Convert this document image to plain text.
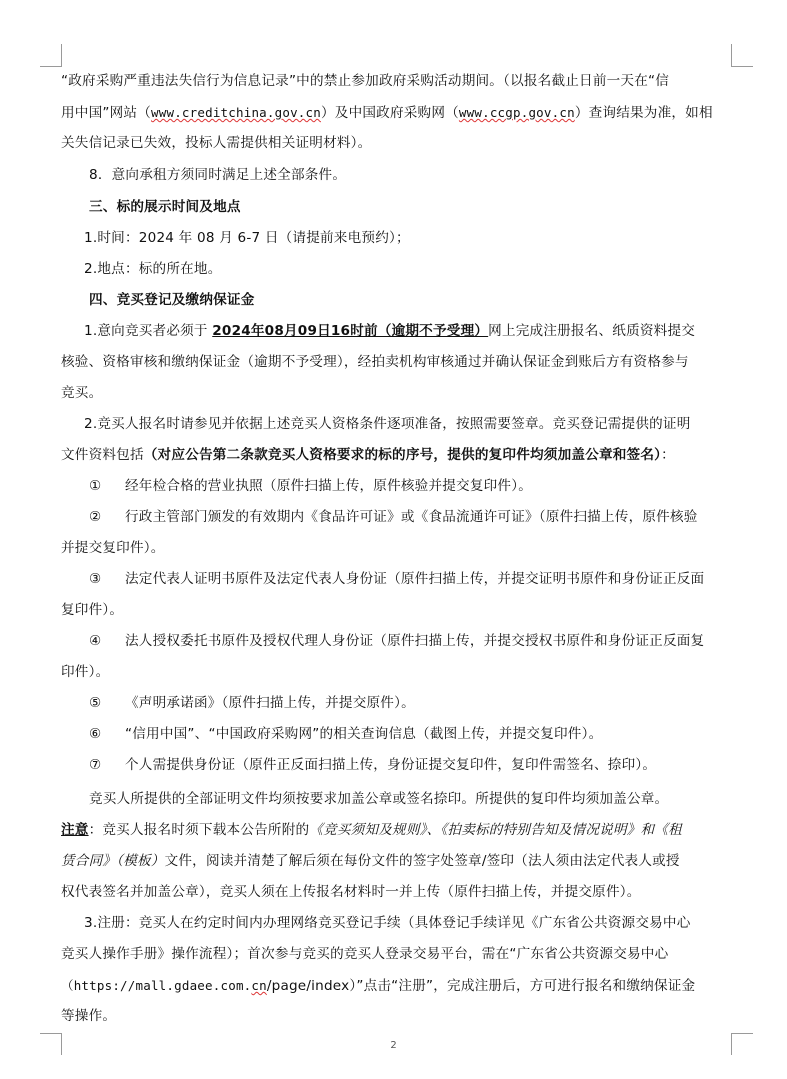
“政府采购严重违法失信行为信息记录”中的禁止参加政府采购活动期间。（以报名截止日前一天在“信
用中国”网站（www.creditchina.gov.cn）及中国政府采购网（www.ccgp.gov.cn）查询结果为准，如相
关失信记录已失效，投标人需提供相关证明材料）。
8．意向承租方须同时满足上述全部条件。
三、标的展示时间及地点
1.时间：2024 年 08 月 6-7 日（请提前来电预约）；
2.地点：标的所在地。
四、竞买登记及缴纳保证金
1.意向竞买者必须于 2024年08月09日16时前（逾期不予受理）网上完成注册报名、纸质资料提交
核验、资格审核和缴纳保证金（逾期不予受理），经拍卖机构审核通过并确认保证金到账后方有资格参与
竞买。
2.竞买人报名时请参见并依据上述竞买人资格条件逐项准备，按照需要签章。竞买登记需提供的证明
文件资料包括（对应公告第二条款竞买人资格要求的标的序号，提供的复印件均须加盖公章和签名）：
① 经年检合格的营业执照（原件扫描上传，原件核验并提交复印件）。
② 行政主管部门颁发的有效期内《食品许可证》或《食品流通许可证》（原件扫描上传，原件核验
并提交复印件）。
③ 法定代表人证明书原件及法定代表人身份证（原件扫描上传，并提交证明书原件和身份证正反面
复印件）。
④ 法人授权委托书原件及授权代理人身份证（原件扫描上传，并提交授权书原件和身份证正反面复
印件）。
⑤ 《声明承诺函》（原件扫描上传，并提交原件）。
⑥ “信用中国”、“中国政府采购网”的相关查询信息（截图上传，并提交复印件）。
⑦ 个人需提供身份证（原件正反面扫描上传，身份证提交复印件，复印件需签名、捺印）。
竞买人所提供的全部证明文件均须按要求加盖公章或签名捺印。所提供的复印件均须加盖公章。
注意：竞买人报名时须下载本公告所附的《竞买须知及规则》、《拍卖标的特别告知及情况说明》和《租
赁合同》（模板）文件，阅读并清楚了解后须在每份文件的签字处签章/签印（法人须由法定代表人或授
权代表签名并加盖公章），竞买人须在上传报名材料时一并上传（原件扫描上传，并提交原件）。
3.注册：竞买人在约定时间内办理网络竞买登记手续（具体登记手续详见《广东省公共资源交易中心
竞买人操作手册》操作流程）；首次参与竞买的竞买人登录交易平台，需在“广东省公共资源交易中心
（https://mall.gdaee.com.cn/page/index）”点击“注册”，完成注册后，方可进行报名和缴纳保证金
等操作。
2
